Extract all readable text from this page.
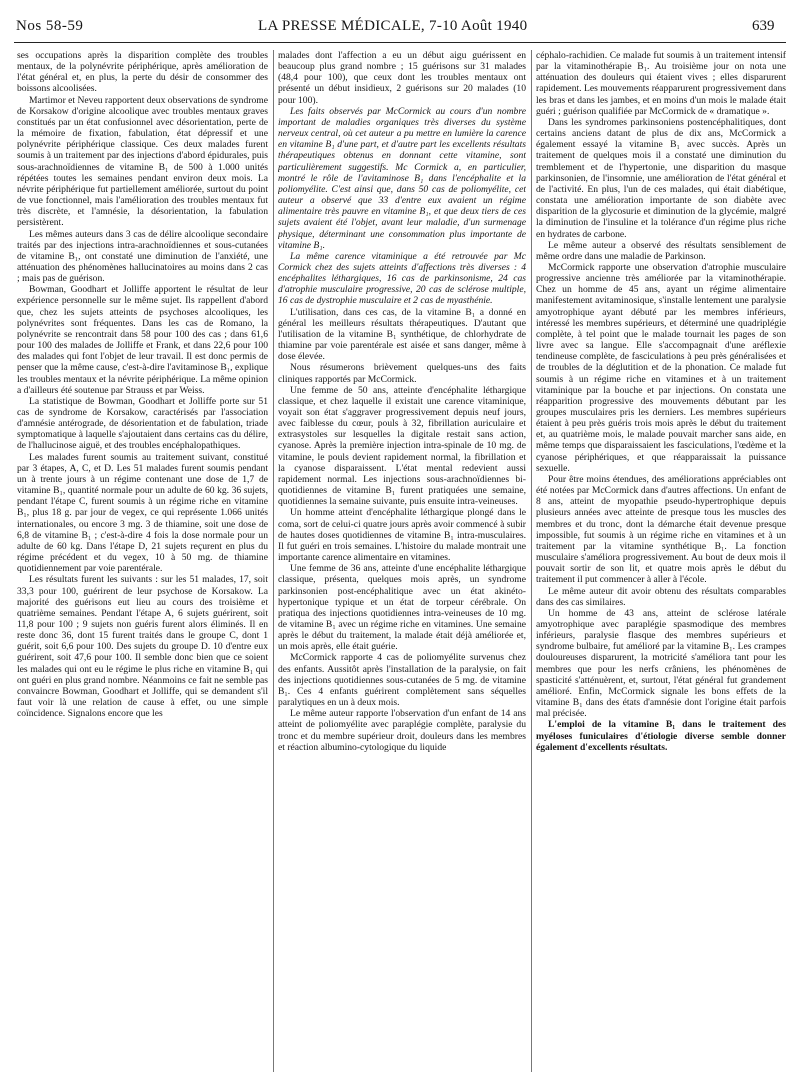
Nos 58-59	LA PRESSE MÉDICALE, 7-10 Août 1940	639

ses occupations après la disparition complète des troubles mentaux, de la polynévrite périphérique, après amélioration de l'état général et, en plus, la perte du désir de consommer des boissons alcoolisées.

Martimor et Neveu rapportent deux observations de syndrome de Korsakow d'origine alcoolique avec troubles mentaux graves constitués par un état confusionnel avec désorientation, perte de la mémoire de fixation, fabulation, état dépressif et une polynévrite périphérique classique. Ces deux malades furent soumis à un traitement par des injections d'abord épidurales, puis sous-arachnoïdiennes de vitamine B₁ de 500 à 1.000 unités répétées toutes les semaines pendant environ deux mois. La névrite périphérique fut partiellement améliorée, surtout du point de vue fonctionnel, mais l'amélioration des troubles mentaux fut très discrète, et l'amnésie, la désorientation, la fabulation persistèrent.

Les mêmes auteurs dans 3 cas de délire alcoolique secondaire traités par des injections intra-arachnoïdiennes et sous-cutanées de vitamine B₁, ont constaté une diminution de l'anxiété, une atténuation des phénomènes hallucinatoires au moins dans 2 cas ; mais pas de guérison.

Bowman, Goodhart et Jolliffe apportent le résultat de leur expérience personnelle sur le même sujet. Ils rappellent d'abord que, chez les sujets atteints de psychoses alcooliques, les polynévrites sont fréquentes. Dans les cas de Romano, la polynévrite se rencontrait dans 58 pour 100 des cas ; dans 61,6 pour 100 des malades de Jolliffe et Frank, et dans 22,6 pour 100 des malades qui font l'objet de leur travail. Il est donc permis de penser que la même cause, c'est-à-dire l'avitaminose B₁, explique les troubles mentaux et la névrite périphérique. La même opinion a d'ailleurs été soutenue par Strauss et par Weiss.

La statistique de Bowman, Goodhart et Jolliffe porte sur 51 cas de syndrome de Korsakow, caractérisés par l'association d'amnésie antérograde, de désorientation et de fabulation, triade symptomatique à laquelle s'ajoutaient dans certains cas du délire, de l'hallucinose aiguë, et des troubles encéphalopathiques.

Les malades furent soumis au traitement suivant, constitué par 3 étapes, A, C, et D. Les 51 malades furent soumis pendant un à trente jours à un régime contenant une dose de 1,7 de vitamine B₁, quantité normale pour un adulte de 60 kg. 36 sujets, pendant l'étape C, furent soumis à un régime riche en vitamine B₁, plus 18 g. par jour de vegex, ce qui représente 1.066 unités internationales, ou encore 3 mg. 3 de thiamine, soit une dose de 6,8 de vitamine B₁ ; c'est-à-dire 4 fois la dose normale pour un adulte de 60 kg. Dans l'étape D, 21 sujets reçurent en plus du régime précédent et du vegex, 10 à 50 mg. de thiamine quotidiennement par voie parentérale.

Les résultats furent les suivants : sur les 51 malades, 17, soit 33,3 pour 100, guérirent de leur psychose de Korsakow. La majorité des guérisons eut lieu au cours des troisième et quatrième semaines. Pendant l'étape A, 6 sujets guérirent, soit 11,8 pour 100 ; 9 sujets non guéris furent alors éliminés. Il en reste donc 36, dont 15 furent traités dans le groupe C, dont 1 guérit, soit 6,6 pour 100. Des sujets du groupe D. 10 d'entre eux guérirent, soit 47,6 pour 100. Il semble donc bien que ce soient les malades qui ont eu le régime le plus riche en vitamine B₁ qui ont guéri en plus grand nombre. Néanmoins ce fait ne semble pas convaincre Bowman, Goodhart et Jolliffe, qui se demandent s'il faut voir là une relation de cause à effet, ou une simple coïncidence. Signalons encore que les

malades dont l'affection a eu un début aigu guérissent en beaucoup plus grand nombre ; 15 guérisons sur 31 malades (48,4 pour 100), que ceux dont les troubles mentaux ont présenté un début insidieux, 2 guérisons sur 20 malades (10 pour 100).

Les faits observés par McCormick au cours d'un nombre important de maladies organiques très diverses du système nerveux central, où cet auteur a pu mettre en lumière la carence en vitamine B₁ d'une part, et d'autre part les excellents résultats thérapeutiques obtenus en donnant cette vitamine, sont particulièrement suggestifs. Mc Cormick a, en particulier, montré le rôle de l'avitaminose B₁ dans l'encéphalite et la poliomyélite. C'est ainsi que, dans 50 cas de poliomyélite, cet auteur a observé que 33 d'entre eux avaient un régime alimentaire très pauvre en vitamine B₁, et que deux tiers de ces sujets avaient été l'objet, avant leur maladie, d'un surmenage physique, déterminant une consommation plus importante de vitamine B₁.

La même carence vitaminique a été retrouvée par Mc Cormick chez des sujets atteints d'affections très diverses : 4 encéphalites léthargiques, 16 cas de parkinsonisme, 24 cas d'atrophie musculaire progressive, 20 cas de sclérose multiple, 16 cas de dystrophie musculaire et 2 cas de myasthénie.

L'utilisation, dans ces cas, de la vitamine B₁ a donné en général les meilleurs résultats thérapeutiques. D'autant que l'utilisation de la vitamine B₁ synthétique, de chlorhydrate de thiamine par voie parentérale est aisée et sans danger, même à dose élevée.

Nous résumerons brièvement quelques-uns des faits cliniques rapportés par McCormick.

Une femme de 50 ans, atteinte d'encéphalite léthargique classique, et chez laquelle il existait une carence vitaminique, voyait son état s'aggraver progressivement depuis neuf jours, avec faiblesse du cœur, pouls à 32, fibrillation auriculaire et extrasystoles sur lesquelles la digitale restait sans action, cyanose. Après la première injection intra-spinale de 10 mg. de vitamine, le pouls devient rapidement normal, la fibrillation et la cyanose disparaissent. L'état mental redevient aussi rapidement normal. Les injections sous-arachnoïdiennes bi-quotidiennes de vitamine B₁ furent pratiquées une semaine, quotidiennes la semaine suivante, puis ensuite intra-veineuses.

Un homme atteint d'encéphalite léthargique plongé dans le coma, sort de celui-ci quatre jours après avoir commencé à subir de hautes doses quotidiennes de vitamine B₁ intra-musculaires. Il fut guéri en trois semaines. L'histoire du malade montrait une importante carence alimentaire en vitamines.

Une femme de 36 ans, atteinte d'une encéphalite léthargique classique, présenta, quelques mois après, un syndrome parkinsonien post-encéphalitique avec un état akinéto-hypertonique typique et un état de torpeur cérébrale. On pratiqua des injections quotidiennes intra-veineuses de 10 mg. de vitamine B₁ avec un régime riche en vitamines. Une semaine après le début du traitement, la malade était déjà améliorée et, un mois après, elle était guérie.

McCormick rapporte 4 cas de poliomyélite survenus chez des enfants. Aussitôt après l'installation de la paralysie, on fait des injections quotidiennes sous-cutanées de 5 mg. de vitamine B₁. Ces 4 enfants guérirent complètement sans séquelles paralytiques en un à deux mois.

Le même auteur rapporte l'observation d'un enfant de 14 ans atteint de poliomyélite avec paraplégie complète, paralysie du tronc et du membre supérieur droit, douleurs dans les membres et réaction albumino-cytologique du liquide

céphalo-rachidien. Ce malade fut soumis à un traitement intensif par la vitaminothérapie B₁. Au troisième jour on nota une atténuation des douleurs qui étaient vives ; elles disparurent rapidement. Les mouvements réapparurent progressivement dans les bras et dans les jambes, et en moins d'un mois le malade était guéri ; guérison qualifiée par McCormick de « dramatique ».

Dans les syndromes parkinsoniens postencéphalitiques, dont certains anciens datant de plus de dix ans, McCormick a également essayé la vitamine B₁ avec succès. Après un traitement de quelques mois il a constaté une diminution du tremblement et de l'hypertonie, une disparition du masque parkinsonien, de l'insomnie, une amélioration de l'état général et de l'activité. En plus, l'un de ces malades, qui était diabétique, constata une amélioration importante de son diabète avec disparition de la glycosurie et diminution de la glycémie, malgré la diminution de l'insuline et la tolérance d'un régime plus riche en hydrates de carbone.

Le même auteur a observé des résultats sensiblement de même ordre dans une maladie de Parkinson.

McCormick rapporte une observation d'atrophie musculaire progressive ancienne très améliorée par la vitaminothérapie. Chez un homme de 45 ans, ayant un régime alimentaire manifestement avitaminosique, s'installe lentement une paralysie amyotrophique ayant débuté par les membres inférieurs, intéressé les membres supérieurs, et déterminé une quadriplégie complète, à tel point que le malade tournait les pages de son livre avec sa langue. Elle s'accompagnait d'une aréflexie tendineuse complète, de fasciculations à peu près généralisées et de troubles de la déglutition et de la phonation. Ce malade fut soumis à un régime riche en vitamines et à un traitement vitaminique par la bouche et par injections. On constata une réapparition progressive des mouvements débutant par les groupes musculaires pris les derniers. Les membres supérieurs étaient à peu près guéris trois mois après le début du traitement et, au quatrième mois, le malade pouvait marcher sans aide, en même temps que disparaissaient les fasciculations, l'œdème et la cyanose périphériques, et que réapparaissait la puissance sexuelle.

Pour être moins étendues, des améliorations appréciables ont été notées par McCormick dans d'autres affections. Un enfant de 8 ans, atteint de myopathie pseudo-hypertrophique depuis plusieurs années avec atteinte de presque tous les muscles des membres et du tronc, dont la démarche était devenue presque impossible, fut soumis à un régime riche en vitamines et à un traitement par la vitamine synthétique B₁. La fonction musculaire s'améliora progressivement. Au bout de deux mois il pouvait sortir de son lit, et quatre mois après le début du traitement il put commencer à aller à l'école.

Le même auteur dit avoir obtenu des résultats comparables dans des cas similaires.

Un homme de 43 ans, atteint de sclérose latérale amyotrophique avec paraplégie spasmodique des membres inférieurs, paralysie flasque des membres supérieurs et syndrome bulbaire, fut amélioré par la vitamine B₁. Les crampes douloureuses disparurent, la motricité s'améliora tant pour les membres que pour les nerfs crâniens, les phénomènes de spasticité s'atténuèrent, et, surtout, l'état général fut grandement amélioré. Enfin, McCormick signale les bons effets de la vitamine B₁ dans des états d'amnésie dont l'origine était parfois mal précisée.

L'emploi de la vitamine B₁ dans le traitement des myéloses funiculaires d'étiologie diverse semble donner également d'excellents résultats.
